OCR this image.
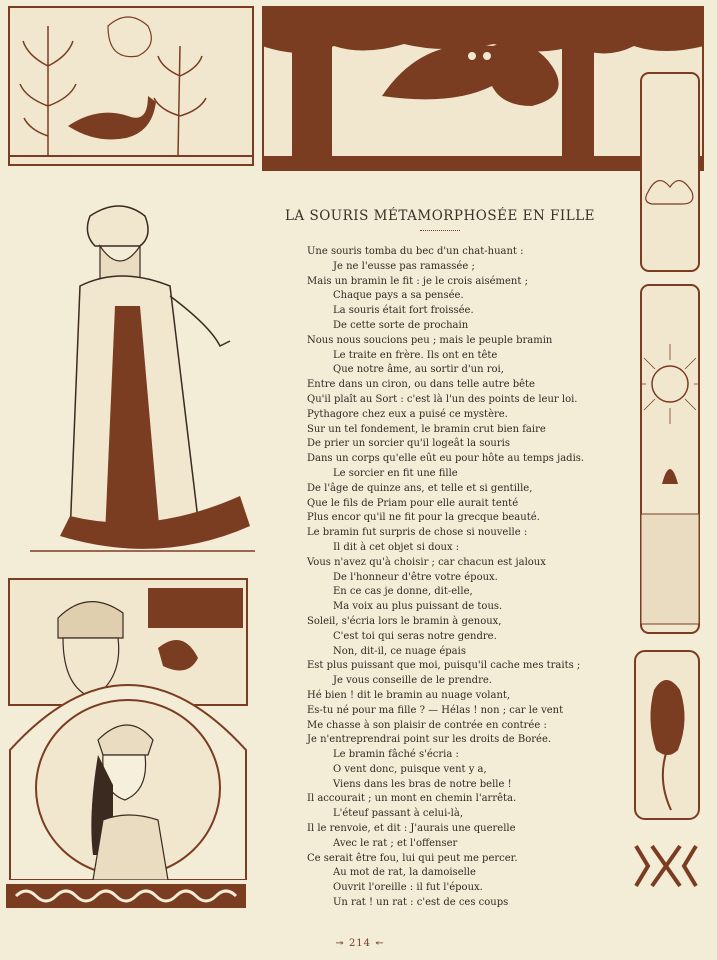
LA SOURIS MÉTAMORPHOSÉE EN FILLE
Une souris tomba du bec d'un chat-huant :
Je ne l'eusse pas ramassée ;
Mais un bramin le fit : je le crois aisément ;
Chaque pays a sa pensée.
La souris était fort froissée.
De cette sorte de prochain
Nous nous soucions peu ; mais le peuple bramin
Le traite en frère. Ils ont en tête
Que notre âme, au sortir d'un roi,
Entre dans un ciron, ou dans telle autre bête
Qu'il plaît au Sort : c'est là l'un des points de leur loi.
Pythagore chez eux a puisé ce mystère.
Sur un tel fondement, le bramin crut bien faire
De prier un sorcier qu'il logeât la souris
Dans un corps qu'elle eût eu pour hôte au temps jadis.
Le sorcier en fit une fille
De l'âge de quinze ans, et telle et si gentille,
Que le fils de Priam pour elle aurait tenté
Plus encor qu'il ne fit pour la grecque beauté.
Le bramin fut surpris de chose si nouvelle :
Il dit à cet objet si doux :
Vous n'avez qu'à choisir ; car chacun est jaloux
De l'honneur d'être votre époux.
En ce cas je donne, dit-elle,
Ma voix au plus puissant de tous.
Soleil, s'écria lors le bramin à genoux,
C'est toi qui seras notre gendre.
Non, dit-il, ce nuage épais
Est plus puissant que moi, puisqu'il cache mes traits ;
Je vous conseille de le prendre.
Hé bien ! dit le bramin au nuage volant,
Es-tu né pour ma fille ? — Hélas ! non ; car le vent
Me chasse à son plaisir de contrée en contrée :
Je n'entreprendrai point sur les droits de Borée.
Le bramin fâché s'écria :
O vent donc, puisque vent y a,
Viens dans les bras de notre belle !
Il accourait ; un mont en chemin l'arrêta.
L'éteuf passant à celui-là,
Il le renvoie, et dit : J'aurais une querelle
Avec le rat ; et l'offenser
Ce serait être fou, lui qui peut me percer.
Au mot de rat, la damoiselle
Ouvrit l'oreille : il fut l'époux.
Un rat ! un rat : c'est de ces coups
↠ 214 ↞
